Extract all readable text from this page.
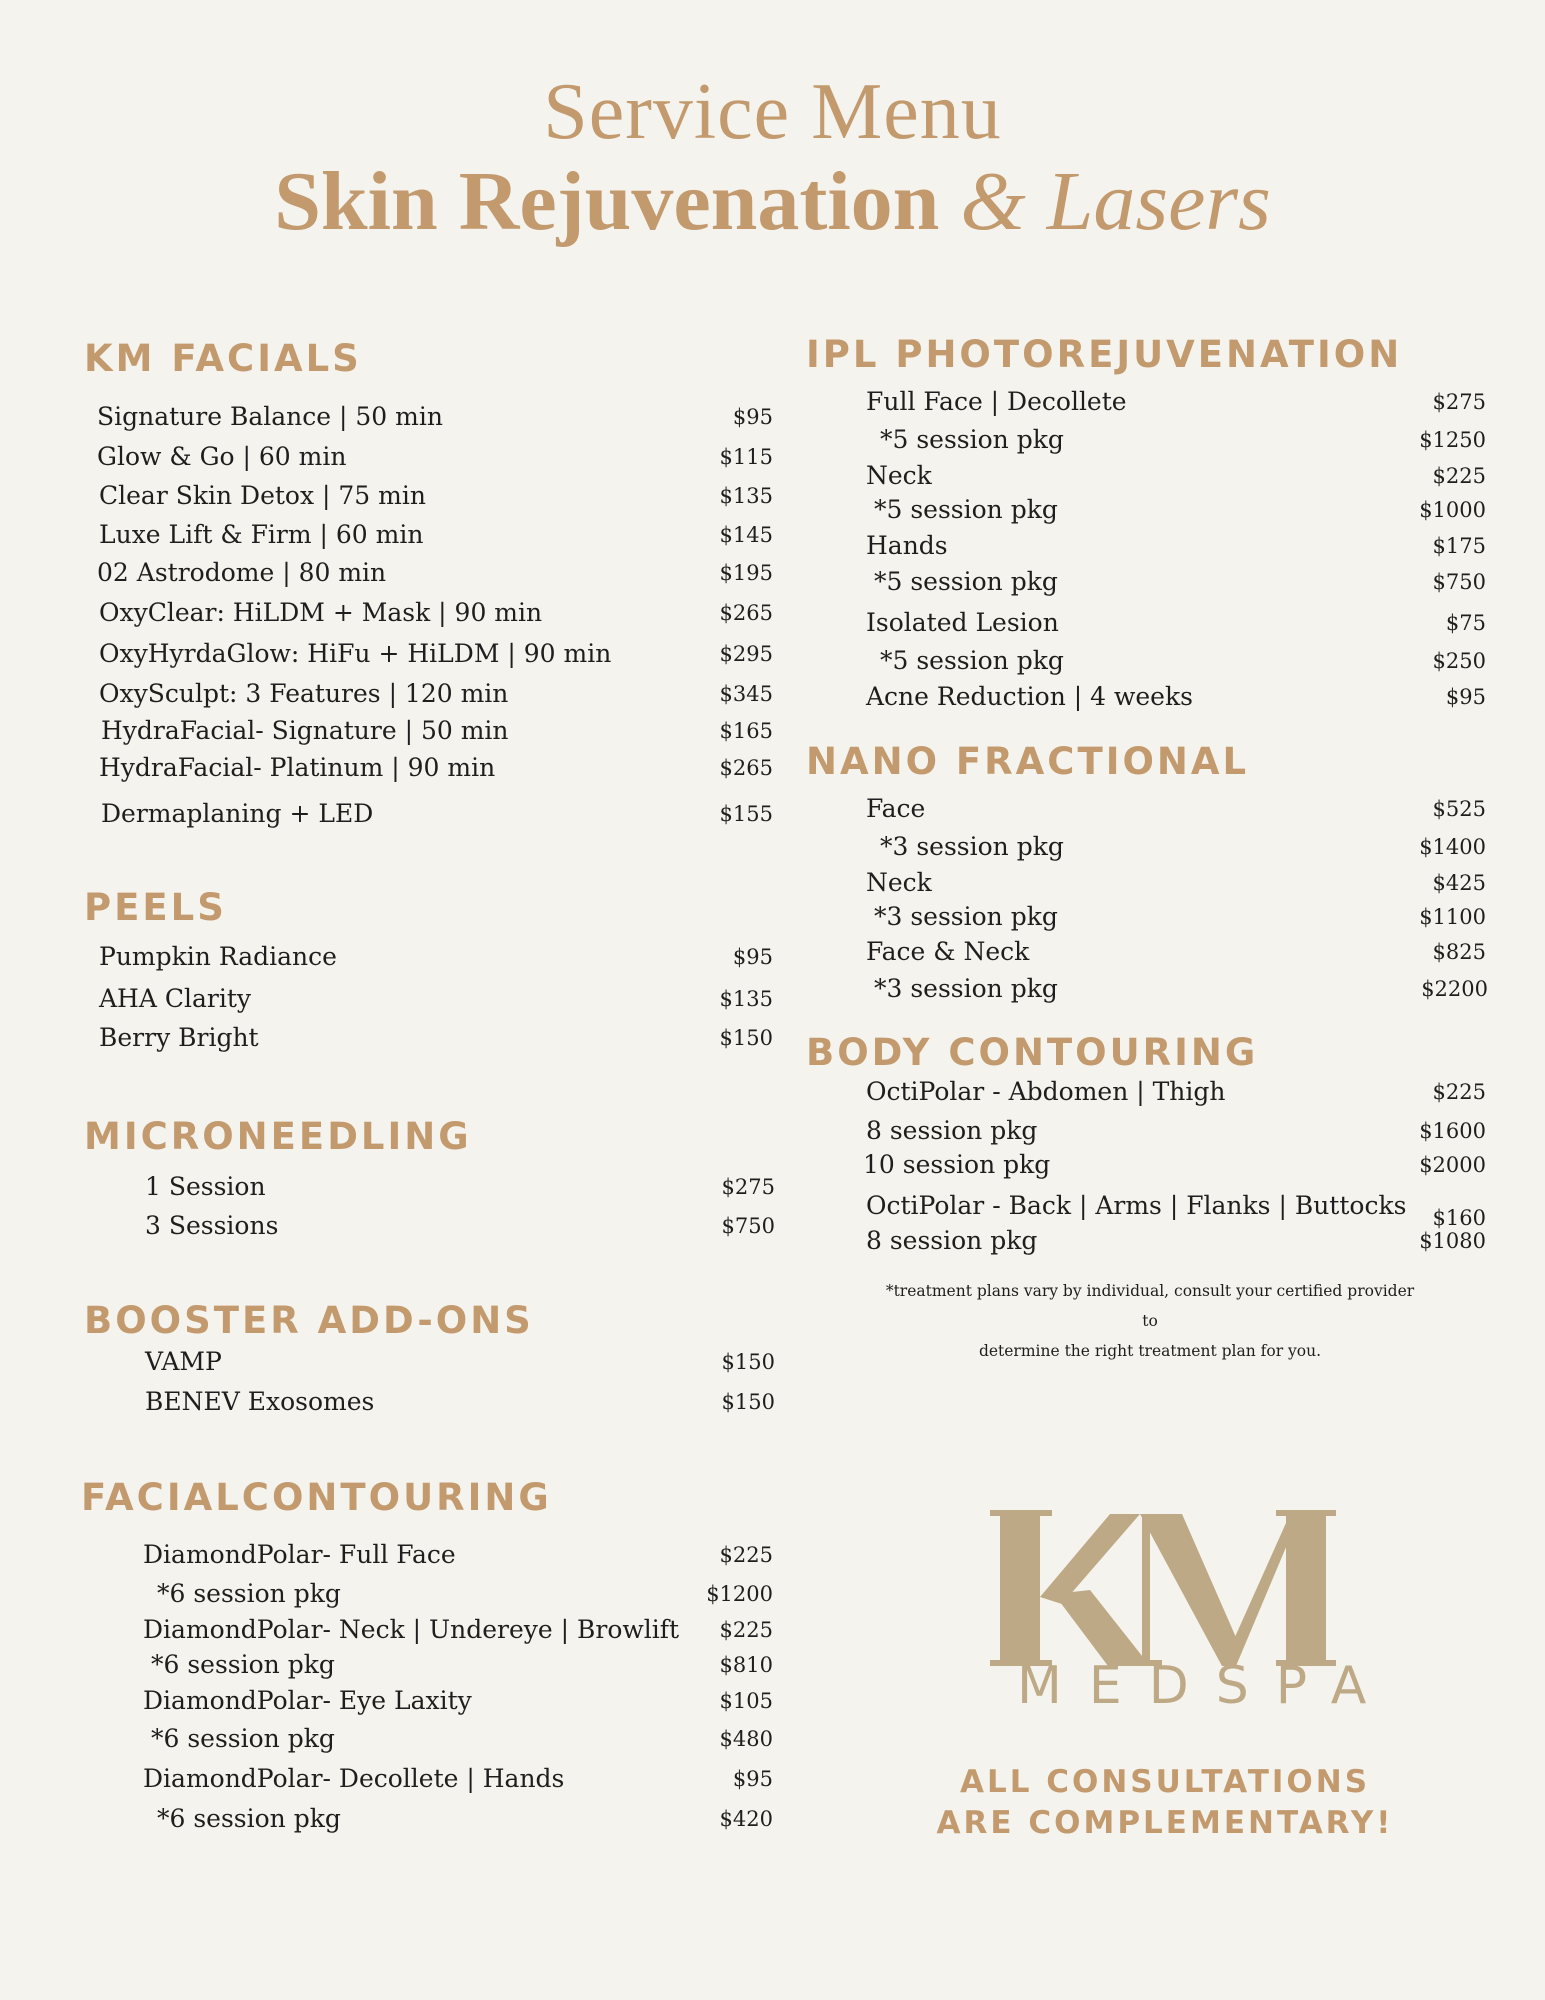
Service Menu
Skin Rejuvenation & Lasers
KM FACIALS
Signature Balance | 50 min	$95
Glow & Go | 60 min	$115
Clear Skin Detox | 75 min	$135
Luxe Lift & Firm | 60 min	$145
02 Astrodome | 80 min	$195
OxyClear: HiLDM + Mask | 90 min	$265
OxyHyrdaGlow: HiFu + HiLDM | 90 min	$295
OxySculpt: 3 Features | 120 min	$345
HydraFacial- Signature | 50 min	$165
HydraFacial- Platinum | 90 min	$265
Dermaplaning + LED	$155
PEELS
Pumpkin Radiance	$95
AHA Clarity	$135
Berry Bright	$150
MICRONEEDLING
1 Session	$275
3 Sessions	$750
BOOSTER ADD-ONS
VAMP	$150
BENEV Exosomes	$150
FACIALCONTOURING
DiamondPolar- Full Face	$225
*6 session pkg	$1200
DiamondPolar- Neck | Undereye | Browlift $225
*6 session pkg	$810
DiamondPolar- Eye Laxity	$105
*6 session pkg	$480
DiamondPolar- Decollete | Hands	$95
*6 session pkg	$420
IPL PHOTOREJUVENATION
Full Face | Decollete	$275
*5 session pkg	$1250
Neck	$225
*5 session pkg	$1000
Hands	$175
*5 session pkg	$750
Isolated Lesion	$75
*5 session pkg	$250
Acne Reduction | 4 weeks	$95
NANO FRACTIONAL
Face	$525
*3 session pkg	$1400
Neck	$425
*3 session pkg	$1100
Face & Neck	$825
*3 session pkg	$2200
BODY CONTOURING
OctiPolar - Abdomen | Thigh	$225
8 session pkg	$1600
10 session pkg	$2000
OctiPolar - Back | Arms | Flanks | Buttocks $160
8 session pkg	$1080
*treatment plans vary by individual, consult your certified provider to
determine the right treatment plan for you.
MEDSPA
ALL CONSULTATIONS
ARE COMPLEMENTARY!
